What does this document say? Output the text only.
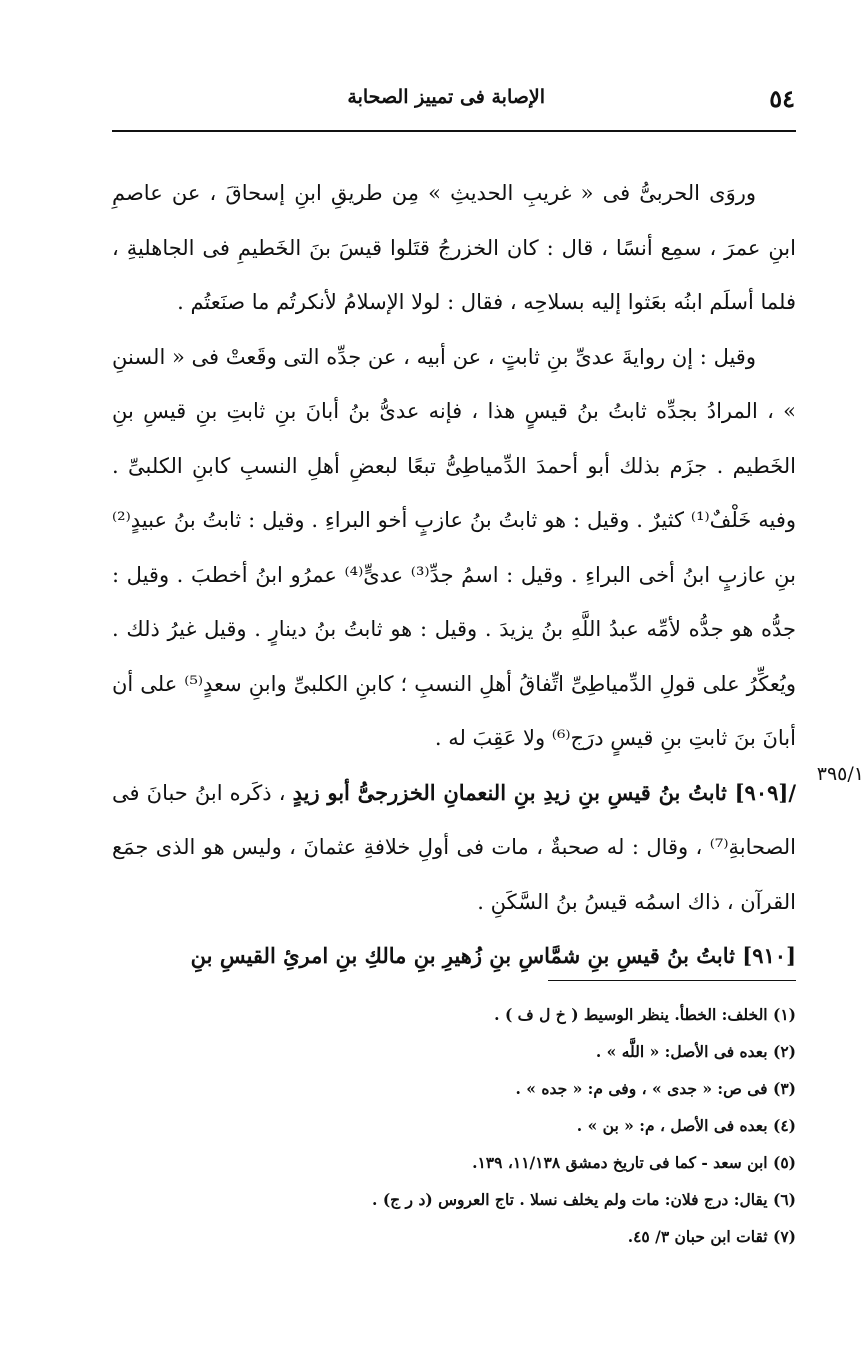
٥٤
الإصابة فى تمييز الصحابة
٣٩٥/١

وروَى الحربىُّ فى « غريبِ الحديثِ » مِن طريقِ ابنِ إسحاقَ ، عن عاصمِ ابنِ عمرَ ، سمِع أنسًا ، قال : كان الخزرجُ قتَلوا قيسَ بنَ الخَطيمِ فى الجاهليةِ ، فلما أسلَم ابنُه بعَثوا إليه بسلاحِه ، فقال : لولا الإسلامُ لأنكرتُم ما صنَعتُم .

وقيل : إن روايةَ عدىِّ بنِ ثابتٍ ، عن أبيه ، عن جدِّه التى وقَعتْ فى « السننِ » ، المرادُ بجدِّه ثابتُ بنُ قيسٍ هذا ، فإنه عدىُّ بنُ أبانَ بنِ ثابتِ بنِ قيسِ بنِ الخَطيم . جزَم بذلك أبو أحمدَ الدِّمياطِىُّ تبعًا لبعضِ أهلِ النسبِ كابنِ الكلبىِّ . وفيه خَلْفٌ⁽¹⁾ كثيرٌ . وقيل : هو ثابتُ بنُ عازبٍ أخو البراءِ . وقيل : ثابتُ بنُ عبيدٍ⁽²⁾ بنِ عازبٍ ابنُ أخى البراءِ . وقيل : اسمُ جدِّ⁽³⁾ عدىٍّ⁽⁴⁾ عمرُو ابنُ أخطبَ . وقيل : جدُّه هو جدُّه لأمِّه عبدُ اللَّهِ بنُ يزيدَ . وقيل : هو ثابتُ بنُ دينارٍ . وقيل غيرُ ذلك . ويُعكِّرُ على قولِ الدِّمياطِىِّ اتِّفاقُ أهلِ النسبِ ؛ كابنِ الكلبىِّ وابنِ سعدٍ⁽⁵⁾ على أن أبانَ بنَ ثابتِ بنِ قيسٍ درَج⁽⁶⁾ ولا عَقِبَ له .

/[٩٠٩] ثابتُ بنُ قيسِ بنِ زيدِ بنِ النعمانِ الخزرجىُّ أبو زيدٍ ، ذكَره ابنُ حبانَ فى الصحابةِ⁽⁷⁾ ، وقال : له صحبةٌ ، مات فى أولِ خلافةِ عثمانَ ، وليس هو الذى جمَع القرآن ، ذاك اسمُه قيسُ بنُ السَّكَنِ .

[٩١٠] ثابتُ بنُ قيسِ بنِ شمَّاسِ بنِ زُهيرِ بنِ مالكِ بنِ امرئِ القيسِ بنِ

(١) الخلف: الخطأ. ينظر الوسيط ( خ ل ف ) .
(٢) بعده فى الأصل: « اللَّه » .
(٣) فى ص: « جدى » ، وفى م: « جده » .
(٤) بعده فى الأصل ، م: « بن » .
(٥) ابن سعد - كما فى تاريخ دمشق ١١/١٣٨، ١٣٩.
(٦) يقال: درج فلان: مات ولم يخلف نسلا . تاج العروس (د ر ج) .
(٧) ثقات ابن حبان ٣/ ٤٥.
